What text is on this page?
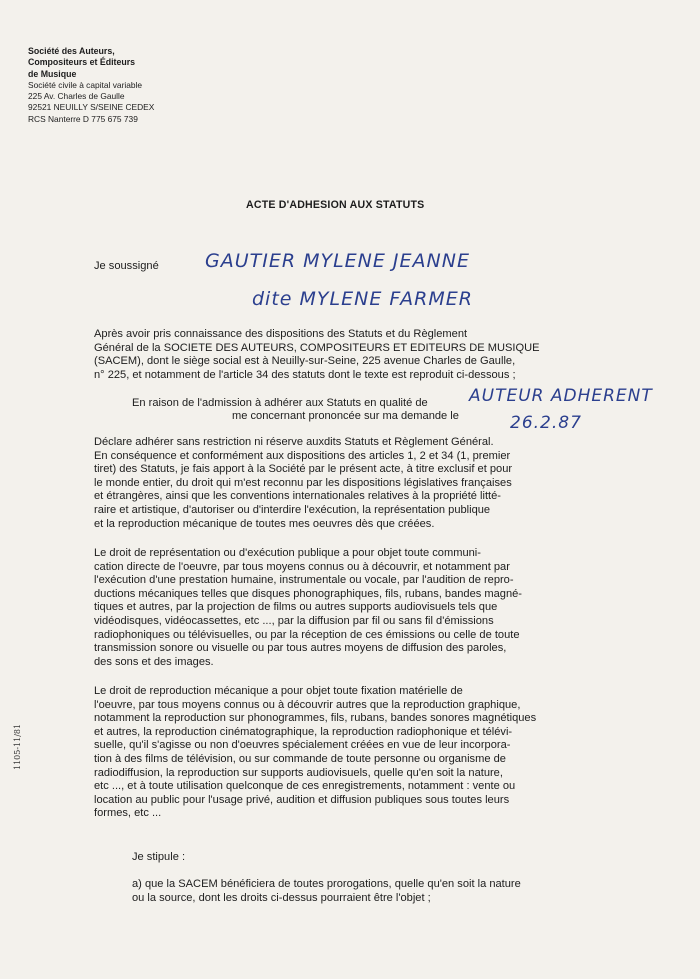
Société des Auteurs,
Compositeurs et Éditeurs
de Musique
Société civile à capital variable
225 Av. Charles de Gaulle
92521 NEUILLY S/SEINE CEDEX
RCS Nanterre D 775 675 739
ACTE D'ADHESION AUX STATUTS
Je soussigné GAUTIER MYLENE JEANNE
dite MYLENE FARMER
Après avoir pris connaissance des dispositions des Statuts et du Règlement
Général de la SOCIETE DES AUTEURS, COMPOSITEURS ET EDITEURS DE MUSIQUE
(SACEM), dont le siège social est à Neuilly-sur-Seine, 225 avenue Charles de Gaulle,
n° 225, et notamment de l'article 34 des statuts dont le texte est reproduit ci-dessous ;
En raison de l'admission à adhérer aux Statuts en qualité de
me concernant prononcée sur ma demande le
AUTEUR ADHERENT
26.2.87
Déclare adhérer sans restriction ni réserve auxdits Statuts et Règlement Général.
En conséquence et conformément aux dispositions des articles 1, 2 et 34 (1, premier
tiret) des Statuts, je fais apport à la Société par le présent acte, à titre exclusif et pour
le monde entier, du droit qui m'est reconnu par les dispositions législatives françaises
et étrangères, ainsi que les conventions internationales relatives à la propriété litté-
raire et artistique, d'autoriser ou d'interdire l'exécution, la représentation publique
et la reproduction mécanique de toutes mes oeuvres dès que créées.
Le droit de représentation ou d'exécution publique a pour objet toute communi-
cation directe de l'oeuvre, par tous moyens connus ou à découvrir, et notamment par
l'exécution d'une prestation humaine, instrumentale ou vocale, par l'audition de repro-
ductions mécaniques telles que disques phonographiques, fils, rubans, bandes magné-
tiques et autres, par la projection de films ou autres supports audiovisuels tels que
vidéodisques, vidéocassettes, etc ..., par la diffusion par fil ou sans fil d'émissions
radiophoniques ou télévisuelles, ou par la réception de ces émissions ou celle de toute
transmission sonore ou visuelle ou par tous autres moyens de diffusion des paroles,
des sons et des images.
Le droit de reproduction mécanique a pour objet toute fixation matérielle de
l'oeuvre, par tous moyens connus ou à découvrir autres que la reproduction graphique,
notamment la reproduction sur phonogrammes, fils, rubans, bandes sonores magnétiques
et autres, la reproduction cinématographique, la reproduction radiophonique et télévi-
suelle, qu'il s'agisse ou non d'oeuvres spécialement créées en vue de leur incorpora-
tion à des films de télévision, ou sur commande de toute personne ou organisme de
radiodiffusion, la reproduction sur supports audiovisuels, quelle qu'en soit la nature,
etc ..., et à toute utilisation quelconque de ces enregistrements, notamment : vente ou
location au public pour l'usage privé, audition et diffusion publiques sous toutes leurs
formes, etc ...
Je stipule :
a) que la SACEM bénéficiera de toutes prorogations, quelle qu'en soit la nature
ou la source, dont les droits ci-dessus pourraient être l'objet ;
1105-11/81
